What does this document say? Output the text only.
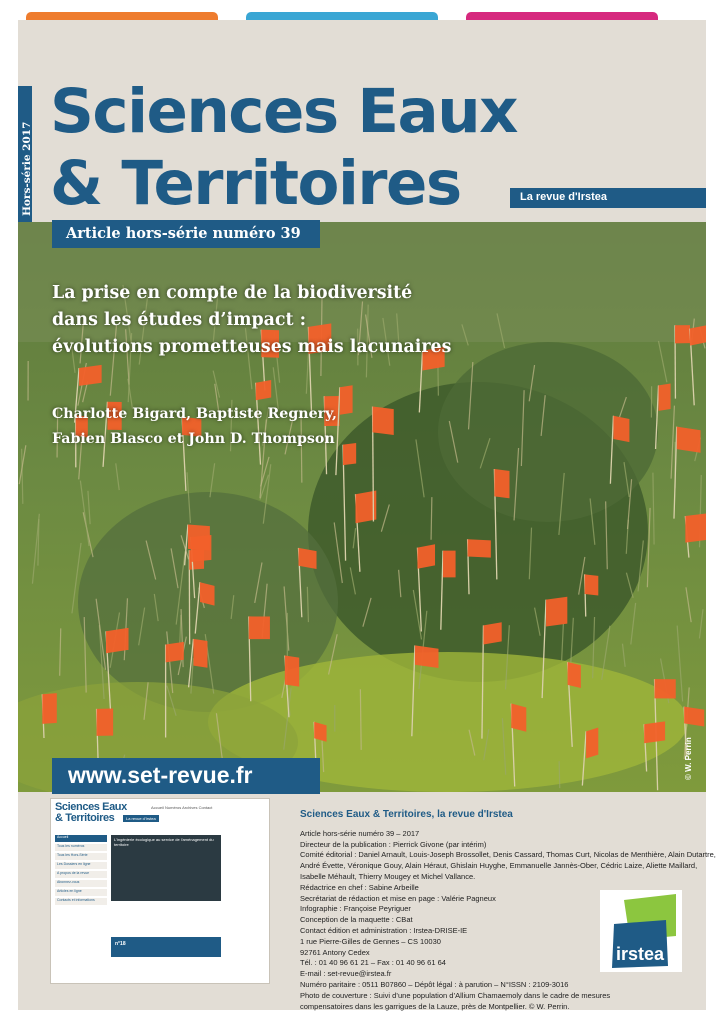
Hors-série 2017
Sciences Eaux
& Territoires	La revue d'Irstea
Article hors-série numéro 39
La prise en compte de la biodiversité
dans les études d’impact :
évolutions prometteuses mais lacunaires
Charlotte Bigard, Baptiste Regnery,
Fabien Blasco et John D. Thompson
© W. Perrin
www.set-revue.fr
Sciences Eaux
& Territoires	La revue d'Irstea
Accueil Numéros Archives Contact
Accueil
Tous les numéros
Tous les Hors-Série
Les Dossiers en ligne
A propos de la revue
Abonnez-vous
Articles en ligne
Contacts et informations
L'ingénierie écologique au service de l'aménagement du territoire
n°18
Sciences Eaux & Territoires, la revue d'Irstea
Article hors-série numéro 39 – 2017
Directeur de la publication : Pierrick Givone (par intérim)
Comité éditorial : Daniel Arnault, Louis-Joseph Brossollet, Denis Cassard, Thomas Curt, Nicolas de Menthière, Alain Dutartre,
André Évette, Véronique Gouy, Alain Héraut, Ghislain Huyghe, Emmanuelle Jannès-Ober, Cédric Laize, Aliette Maillard,
Isabelle Méhault, Thierry Mougey et Michel Vallance.
Rédactrice en chef : Sabine Arbeille
Secrétariat de rédaction et mise en page : Valérie Pagneux
Infographie : Françoise Peyriguer
Conception de la maquette : CBat
Contact édition et administration : Irstea-DRISE-IE
1 rue Pierre-Gilles de Gennes – CS 10030
92761 Antony Cedex
Tél. : 01 40 96 61 21 – Fax : 01 40 96 61 64
E-mail : set-revue@irstea.fr
Numéro paritaire : 0511 B07860 – Dépôt légal : à parution – N°ISSN : 2109-3016
Photo de couverture : Suivi d’une population d’Allium Chamaemoly dans le cadre de mesures
compensatoires dans les garrigues de la Lauze, près de Montpellier. © W. Perrin.
irstea
